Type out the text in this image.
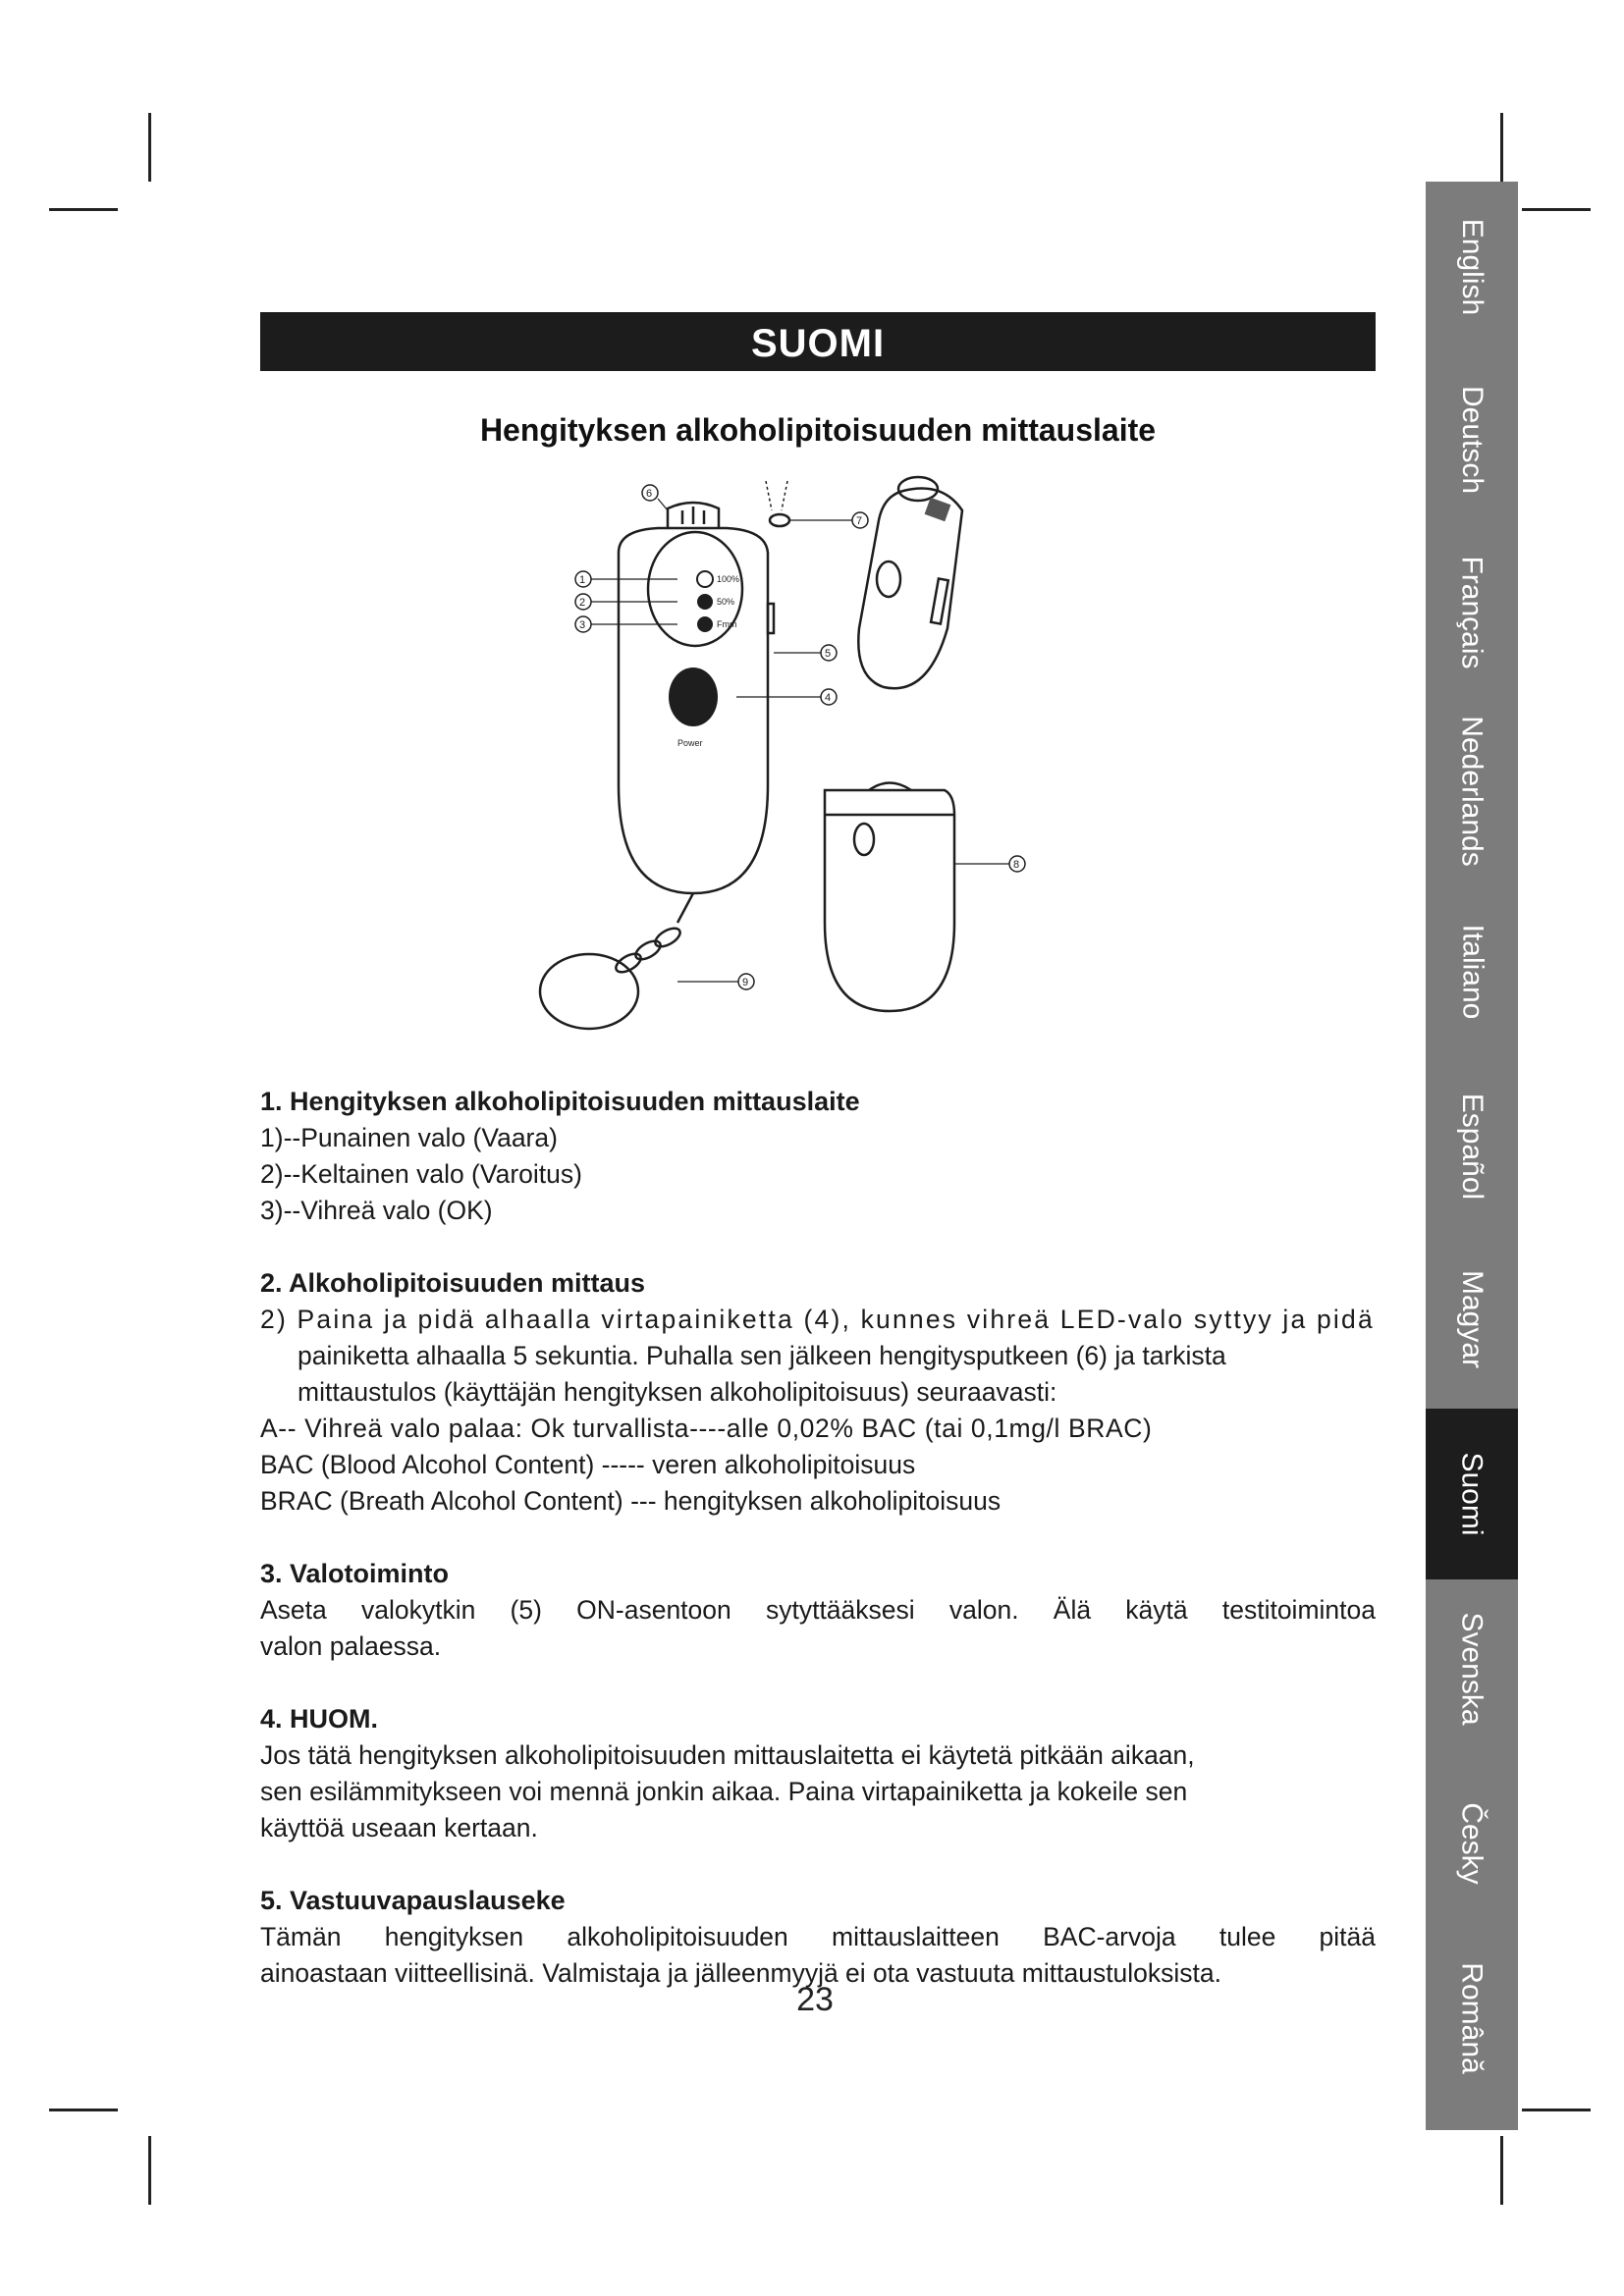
SUOMI
Hengityksen alkoholipitoisuuden mittauslaite
100%
50%
Fmm
Power
1
2
3
4
5
6
7
8
9
1. Hengityksen alkoholipitoisuuden mittauslaite

1)--Punainen valo (Vaara)

2)--Keltainen valo (Varoitus)

3)--Vihreä valo (OK)

2. Alkoholipitoisuuden mittaus

2) Paina ja pidä alhaalla virtapainiketta (4), kunnes vihreä LED-valo syttyy ja pidä

painiketta alhaalla 5 sekuntia. Puhalla sen jälkeen hengitysputkeen (6) ja tarkista

mittaustulos (käyttäjän hengityksen alkoholipitoisuus) seuraavasti:

A-- Vihreä valo palaa: Ok turvallista----alle 0,02% BAC (tai 0,1mg/l BRAC)

BAC (Blood Alcohol Content) ----- veren alkoholipitoisuus

BRAC (Breath Alcohol Content) --- hengityksen alkoholipitoisuus

3. Valotoiminto

Aseta valokytkin (5) ON-asentoon sytyttääksesi valon. Älä käytä testitoimintoa

valon palaessa.

4. HUOM.

Jos tätä hengityksen alkoholipitoisuuden mittauslaitetta ei käytetä pitkään aikaan,

sen esilämmitykseen voi mennä jonkin aikaa. Paina virtapainiketta ja kokeile sen

käyttöä useaan kertaan.

5. Vastuuvapauslauseke

Tämän hengityksen alkoholipitoisuuden mittauslaitteen BAC-arvoja tulee pitää

ainoastaan viitteellisinä. Valmistaja ja jälleenmyyjä ei ota vastuuta mittaustuloksista.

23
English
Deutsch
Français
Nederlands
Italiano
Español
Magyar
Suomi
Svenska
Česky
Română
